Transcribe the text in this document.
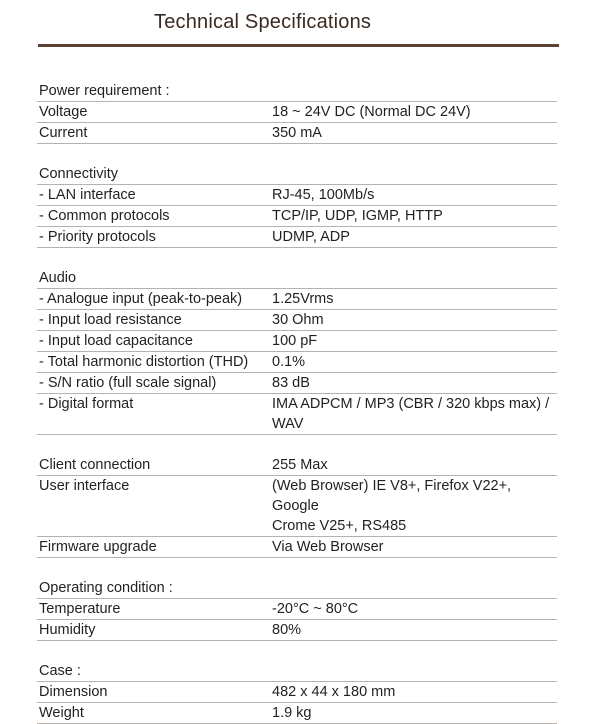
Technical Specifications
Power requirement :
Voltage	18 ~ 24V DC (Normal DC 24V)
Current	350 mA
Connectivity
- LAN interface	RJ-45, 100Mb/s
- Common protocols	TCP/IP, UDP, IGMP, HTTP
- Priority protocols	UDMP, ADP
Audio
- Analogue input (peak-to-peak)	1.25Vrms
- Input load resistance	30 Ohm
- Input load capacitance	100 pF
- Total harmonic distortion (THD)	0.1%
- S/N ratio (full scale signal)	83 dB
- Digital format	IMA ADPCM / MP3 (CBR / 320 kbps max) /
WAV
Client connection	255 Max
User interface	(Web Browser) IE V8+, Firefox V22+, Google
Crome V25+, RS485
Firmware upgrade	Via Web Browser
Operating condition :
Temperature	-20°C ~ 80°C
Humidity	80%
Case :
Dimension	482 x 44 x 180 mm
Weight	1.9 kg
